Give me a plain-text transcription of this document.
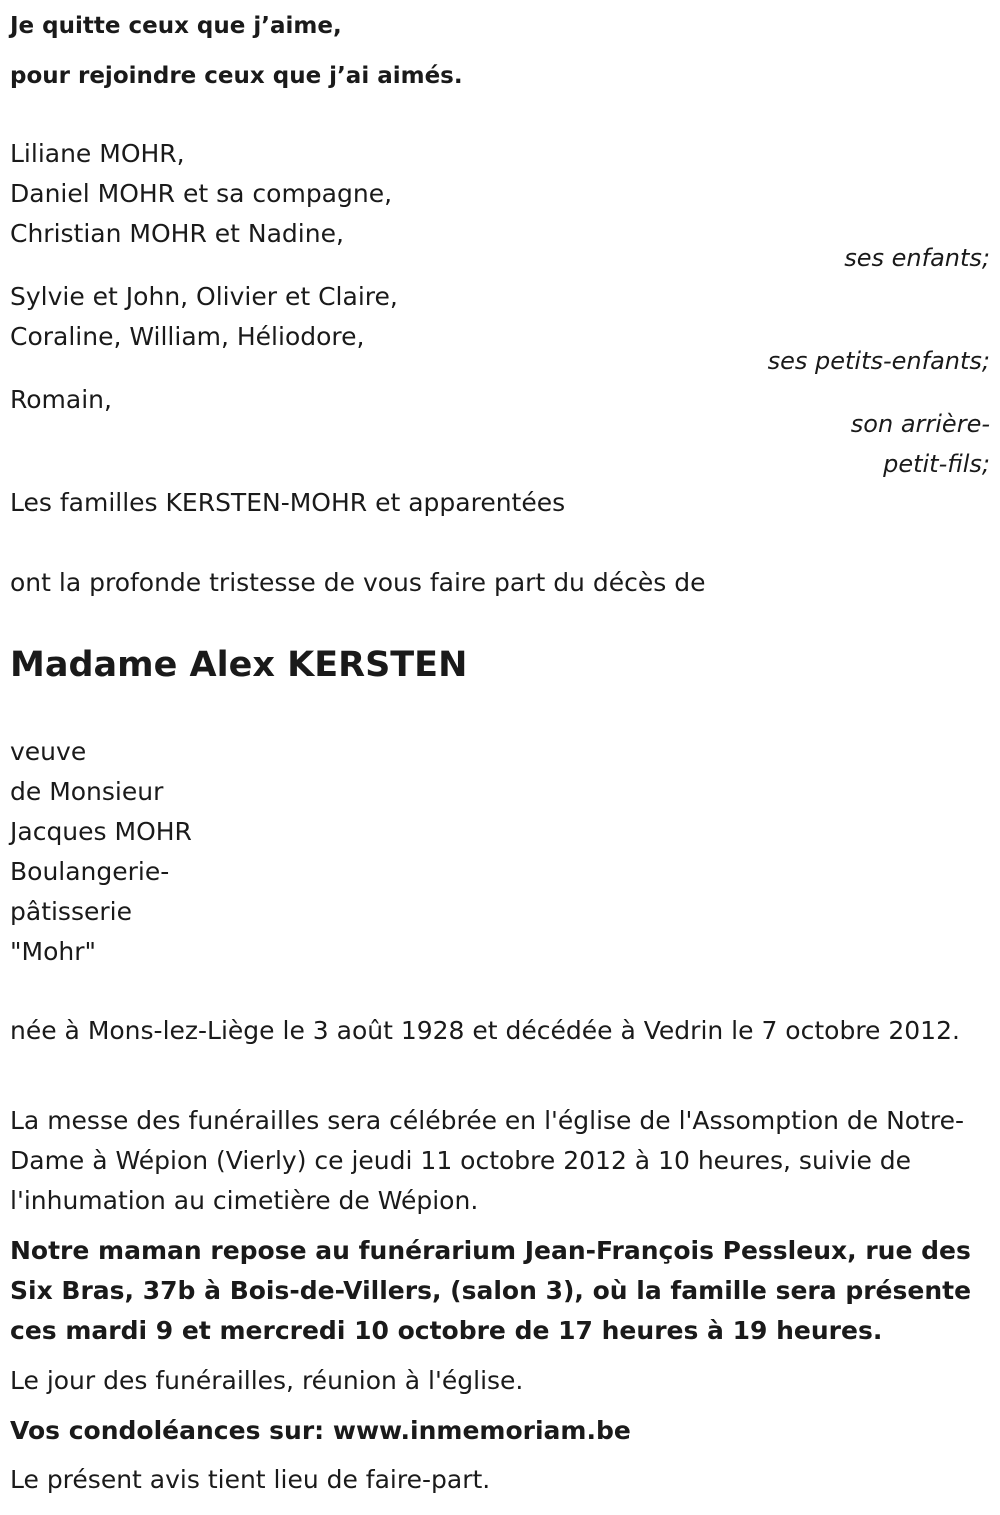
Je quitte ceux que j’aime,
pour rejoindre ceux que j’ai aimés.
Liliane MOHR,
Daniel MOHR et sa compagne,
Christian MOHR et Nadine,
ses enfants;
Sylvie et John, Olivier et Claire,
Coraline, William, Héliodore,
ses petits-enfants;
Romain,
son arrière-
petit-fils;
Les familles KERSTEN-MOHR et apparentées
ont la profonde tristesse de vous faire part du décès de
Madame Alex KERSTEN
veuve
de Monsieur
Jacques MOHR
Boulangerie-
pâtisserie
"Mohr"
née à Mons-lez-Liège le 3 août 1928 et décédée à Vedrin le 7 octobre 2012.
La messe des funérailles sera célébrée en l'église de l'Assomption de Notre-Dame à Wépion (Vierly) ce jeudi 11 octobre 2012 à 10 heures, suivie de l'inhumation au cimetière de Wépion.
Notre maman repose au funérarium Jean-François Pessleux, rue des Six Bras, 37b à Bois-de-Villers, (salon 3), où la famille sera présente ces mardi 9 et mercredi 10 octobre de 17 heures à 19 heures.
Le jour des funérailles, réunion à l'église.
Vos condoléances sur: www.inmemoriam.be
Le présent avis tient lieu de faire-part.
